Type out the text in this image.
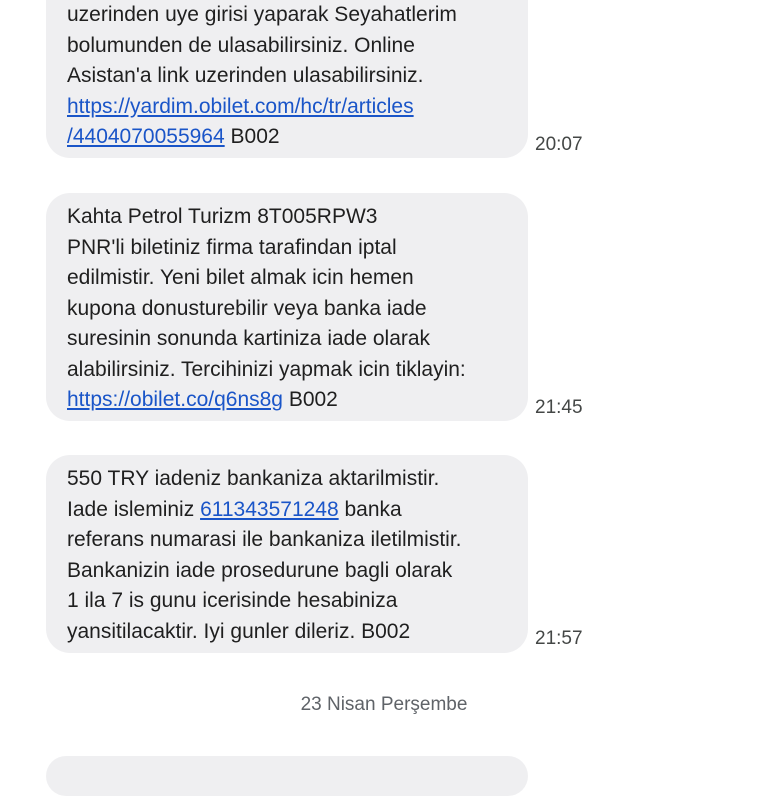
uzerinden uye girisi yaparak Seyahatlerim
bolumunden de ulasabilirsiniz. Online
Asistan'a link uzerinden ulasabilirsiniz.
https://yardim.obilet.com/hc/tr/articles
/4404070055964 B002	20:07
Kahta Petrol Turizm 8T005RPW3
PNR'li biletiniz firma tarafindan iptal
edilmistir. Yeni bilet almak icin hemen
kupona donusturebilir veya banka iade
suresinin sonunda kartiniza iade olarak
alabilirsiniz. Tercihinizi yapmak icin tiklayin:
https://obilet.co/q6ns8g B002	21:45
550 TRY iadeniz bankaniza aktarilmistir.
Iade isleminiz 611343571248 banka
referans numarasi ile bankaniza iletilmistir.
Bankanizin iade prosedurune bagli olarak
1 ila 7 is gunu icerisinde hesabiniza
yansitilacaktir. Iyi gunler dileriz. B002	21:57
23 Nisan Perşembe
